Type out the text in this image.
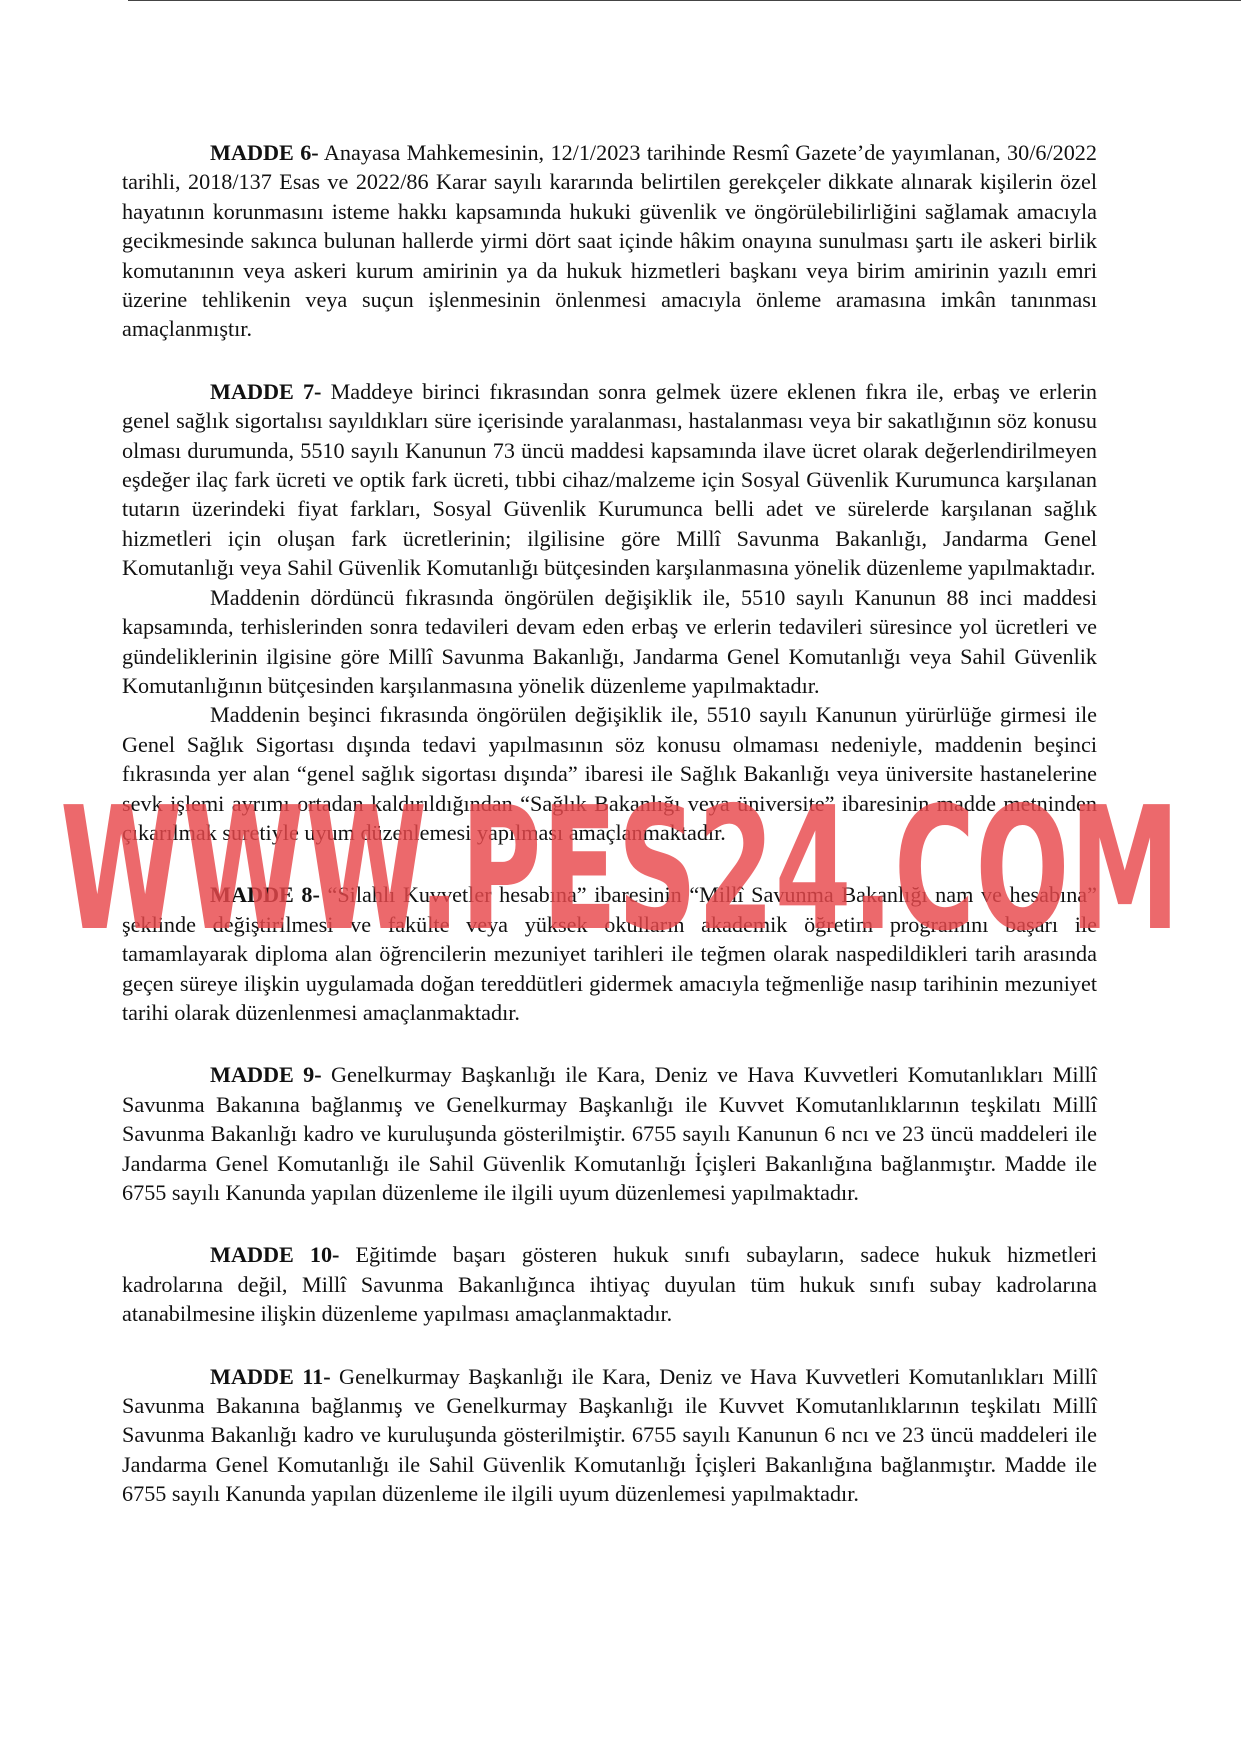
MADDE 6- Anayasa Mahkemesinin, 12/1/2023 tarihinde Resmî Gazete’de yayımlanan, 30/6/2022 tarihli, 2018/137 Esas ve 2022/86 Karar sayılı kararında belirtilen gerekçeler dikkate alınarak kişilerin özel hayatının korunmasını isteme hakkı kapsamında hukuki güvenlik ve öngörülebilirliğini sağlamak amacıyla gecikmesinde sakınca bulunan hallerde yirmi dört saat içinde hâkim onayına sunulması şartı ile askeri birlik komutanının veya askeri kurum amirinin ya da hukuk hizmetleri başkanı veya birim amirinin yazılı emri üzerine tehlikenin veya suçun işlenmesinin önlenmesi amacıyla önleme aramasına imkân tanınması amaçlanmıştır.

MADDE 7- Maddeye birinci fıkrasından sonra gelmek üzere eklenen fıkra ile, erbaş ve erlerin genel sağlık sigortalısı sayıldıkları süre içerisinde yaralanması, hastalanması veya bir sakatlığının söz konusu olması durumunda, 5510 sayılı Kanunun 73 üncü maddesi kapsamında ilave ücret olarak değerlendirilmeyen eşdeğer ilaç fark ücreti ve optik fark ücreti, tıbbi cihaz/malzeme için Sosyal Güvenlik Kurumunca karşılanan tutarın üzerindeki fiyat farkları, Sosyal Güvenlik Kurumunca belli adet ve sürelerde karşılanan sağlık hizmetleri için oluşan fark ücretlerinin; ilgilisine göre Millî Savunma Bakanlığı, Jandarma Genel Komutanlığı veya Sahil Güvenlik Komutanlığı bütçesinden karşılanmasına yönelik düzenleme yapılmaktadır.

Maddenin dördüncü fıkrasında öngörülen değişiklik ile, 5510 sayılı Kanunun 88 inci maddesi kapsamında, terhislerinden sonra tedavileri devam eden erbaş ve erlerin tedavileri süresince yol ücretleri ve gündeliklerinin ilgisine göre Millî Savunma Bakanlığı, Jandarma Genel Komutanlığı veya Sahil Güvenlik Komutanlığının bütçesinden karşılanmasına yönelik düzenleme yapılmaktadır.

Maddenin beşinci fıkrasında öngörülen değişiklik ile, 5510 sayılı Kanunun yürürlüğe girmesi ile Genel Sağlık Sigortası dışında tedavi yapılmasının söz konusu olmaması nedeniyle, maddenin beşinci fıkrasında yer alan “genel sağlık sigortası dışında” ibaresi ile Sağlık Bakanlığı veya üniversite hastanelerine sevk işlemi ayrımı ortadan kaldırıldığından “Sağlık Bakanlığı veya üniversite” ibaresinin madde metninden çıkarılmak suretiyle uyum düzenlemesi yapılması amaçlanmaktadır.

MADDE 8- “Silahlı Kuvvetler hesabına” ibaresinin “Millî Savunma Bakanlığı nam ve hesabına” şeklinde değiştirilmesi ve fakülte veya yüksek okulların akademik öğretim programını başarı ile tamamlayarak diploma alan öğrencilerin mezuniyet tarihleri ile teğmen olarak naspedildikleri tarih arasında geçen süreye ilişkin uygulamada doğan tereddütleri gidermek amacıyla teğmenliğe nasıp tarihinin mezuniyet tarihi olarak düzenlenmesi amaçlanmaktadır.

MADDE 9- Genelkurmay Başkanlığı ile Kara, Deniz ve Hava Kuvvetleri Komutanlıkları Millî Savunma Bakanına bağlanmış ve Genelkurmay Başkanlığı ile Kuvvet Komutanlıklarının teşkilatı Millî Savunma Bakanlığı kadro ve kuruluşunda gösterilmiştir. 6755 sayılı Kanunun 6 ncı ve 23 üncü maddeleri ile Jandarma Genel Komutanlığı ile Sahil Güvenlik Komutanlığı İçişleri Bakanlığına bağlanmıştır. Madde ile 6755 sayılı Kanunda yapılan düzenleme ile ilgili uyum düzenlemesi yapılmaktadır.

MADDE 10- Eğitimde başarı gösteren hukuk sınıfı subayların, sadece hukuk hizmetleri kadrolarına değil, Millî Savunma Bakanlığınca ihtiyaç duyulan tüm hukuk sınıfı subay kadrolarına atanabilmesine ilişkin düzenleme yapılması amaçlanmaktadır.

MADDE 11- Genelkurmay Başkanlığı ile Kara, Deniz ve Hava Kuvvetleri Komutanlıkları Millî Savunma Bakanına bağlanmış ve Genelkurmay Başkanlığı ile Kuvvet Komutanlıklarının teşkilatı Millî Savunma Bakanlığı kadro ve kuruluşunda gösterilmiştir. 6755 sayılı Kanunun 6 ncı ve 23 üncü maddeleri ile Jandarma Genel Komutanlığı ile Sahil Güvenlik Komutanlığı İçişleri Bakanlığına bağlanmıştır. Madde ile 6755 sayılı Kanunda yapılan düzenleme ile ilgili uyum düzenlemesi yapılmaktadır.

WWW.PES24.COM
